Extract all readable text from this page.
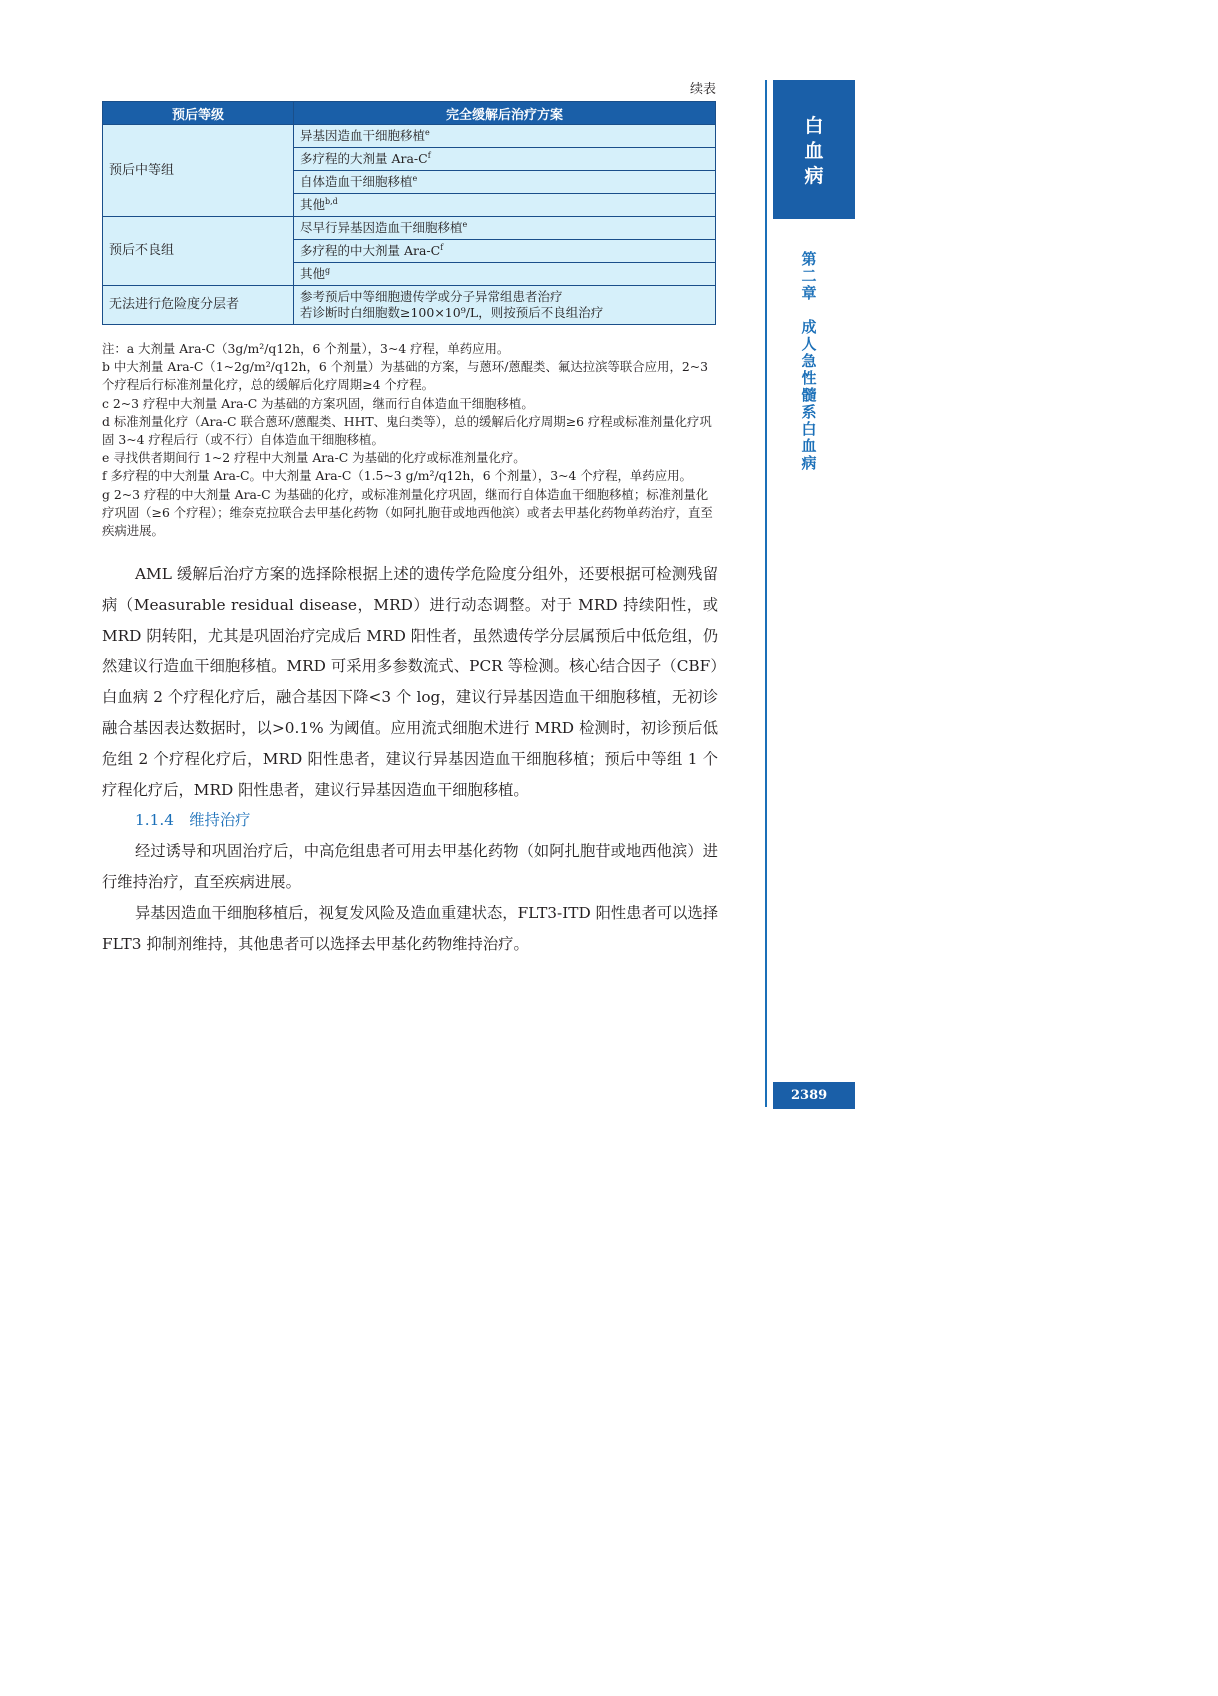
续表
预后等级	完全缓解后治疗方案
预后中等组	异基因造血干细胞移植$^e$
	多疗程的大剂量 Ara-$C^f$
	自体造血干细胞移植$^e$
	其他$^{b,d}$
预后不良组	尽早行异基因造血干细胞移植$^e$
	多疗程的中大剂量 Ara-$C^f$
	其他$^g$
无法进行危险度分层者	参考预后中等细胞遗传学或分子异常组患者治疗
若诊断时白细胞数≥100×10⁹/L，则按预后不良组治疗

注：a 大剂量 Ara-C（3g/m²/q12h，6 个剂量），3~4 疗程，单药应用。

b 中大剂量 Ara-C（1~2g/m²/q12h，6 个剂量）为基础的方案，与蒽环/蒽醌类、氟达拉滨等联合应用，2~3 个疗程后行标准剂量化疗，总的缓解后化疗周期≥4 个疗程。

c 2~3 疗程中大剂量 Ara-C 为基础的方案巩固，继而行自体造血干细胞移植。

d 标准剂量化疗（Ara-C 联合蒽环/蒽醌类、HHT、鬼臼类等），总的缓解后化疗周期≥6 疗程或标准剂量化疗巩固 3~4 疗程后行（或不行）自体造血干细胞移植。

e 寻找供者期间行 1~2 疗程中大剂量 Ara-C 为基础的化疗或标准剂量化疗。

f 多疗程的中大剂量 Ara-C。中大剂量 Ara-C（1.5~3 g/m²/q12h，6 个剂量），3~4 个疗程，单药应用。

g 2~3 疗程的中大剂量 Ara-C 为基础的化疗，或标准剂量化疗巩固，继而行自体造血干细胞移植；标准剂量化疗巩固（≥6 个疗程）；维奈克拉联合去甲基化药物（如阿扎胞苷或地西他滨）或者去甲基化药物单药治疗，直至疾病进展。

AML 缓解后治疗方案的选择除根据上述的遗传学危险度分组外，还要根据可检测残留病（Measurable residual disease，MRD）进行动态调整。对于 MRD 持续阳性，或 MRD 阴转阳，尤其是巩固治疗完成后 MRD 阳性者，虽然遗传学分层属预后中低危组，仍然建议行造血干细胞移植。MRD 可采用多参数流式、PCR 等检测。核心结合因子（CBF）白血病 2 个疗程化疗后，融合基因下降<3 个 log，建议行异基因造血干细胞移植，无初诊融合基因表达数据时，以>0.1% 为阈值。应用流式细胞术进行 MRD 检测时，初诊预后低危组 2 个疗程化疗后，MRD 阳性患者，建议行异基因造血干细胞移植；预后中等组 1 个疗程化疗后，MRD 阳性患者，建议行异基因造血干细胞移植。

1.1.4　维持治疗

经过诱导和巩固治疗后，中高危组患者可用去甲基化药物（如阿扎胞苷或地西他滨）进行维持治疗，直至疾病进展。

异基因造血干细胞移植后，视复发风险及造血重建状态，FLT3-ITD 阳性患者可以选择 FLT3 抑制剂维持，其他患者可以选择去甲基化药物维持治疗。

白
血
病
第
二
章

成
人
急
性
髓
系
白
血
病
2389
